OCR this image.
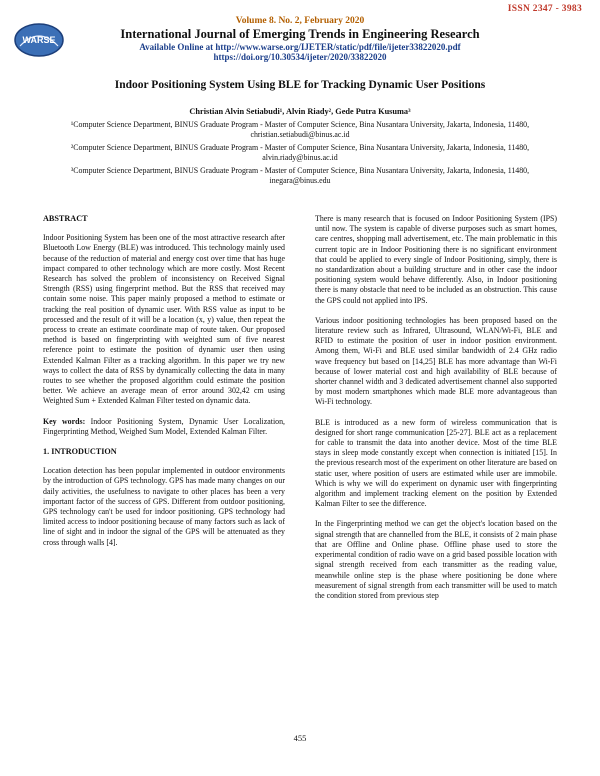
ISSN 2347 - 3983
WARSE
Volume 8. No. 2, February 2020
International Journal of Emerging Trends in Engineering Research
Available Online at http://www.warse.org/IJETER/static/pdf/file/ijeter33822020.pdf
https://doi.org/10.30534/ijeter/2020/33822020
Indoor Positioning System Using BLE for Tracking Dynamic User Positions
Christian Alvin Setiabudi¹, Alvin Riady², Gede Putra Kusuma³
¹Computer Science Department, BINUS Graduate Program - Master of Computer Science, Bina Nusantara University, Jakarta, Indonesia, 11480, christian.setiabudi@binus.ac.id
²Computer Science Department, BINUS Graduate Program - Master of Computer Science, Bina Nusantara University, Jakarta, Indonesia, 11480, alvin.riady@binus.ac.id
³Computer Science Department, BINUS Graduate Program - Master of Computer Science, Bina Nusantara University, Jakarta, Indonesia, 11480, inegara@binus.edu
ABSTRACT

Indoor Positioning System has been one of the most attractive research after Bluetooth Low Energy (BLE) was introduced. This technology mainly used because of the reduction of material and energy cost over time that has huge impact compared to other technology which are more costly. Most Recent Research has solved the problem of inconsistency on Received Signal Strength (RSS) using fingerprint method. But the RSS that received may contain some noise. This paper mainly proposed a method to estimate or tracking the real position of dynamic user. With RSS value as input to be processed and the result of it will be a location (x, y) value, then repeat the process to create an estimate coordinate map of route taken. Our proposed method is based on fingerprinting with weighted sum of five nearest reference point to estimate the position of dynamic user then using Extended Kalman Filter as a tracking algorithm. In this paper we try new ways to collect the data of RSS by dynamically collecting the data in many routes to see whether the proposed algorithm could estimate the position better. We achieve an average mean of error around 302,42 cm using Weighted Sum + Extended Kalman Filter tested on dynamic data.

Key words: Indoor Positioning System, Dynamic User Localization, Fingerprinting Method, Weighed Sum Model, Extended Kalman Filter.

1. INTRODUCTION

Location detection has been popular implemented in outdoor environments by the introduction of GPS technology. GPS has made many changes on our daily activities, the usefulness to navigate to other places has been a very important factor of the success of GPS. Different from outdoor positioning, GPS technology can't be used for indoor positioning. GPS technology had limited access to indoor positioning because of many factors such as lack of line of sight and in indoor the signal of the GPS will be attenuated as they cross through walls [4].

There is many research that is focused on Indoor Positioning System (IPS) until now. The system is capable of diverse purposes such as smart homes, care centres, shopping mall advertisement, etc. The main problematic in this current topic are in Indoor Positioning there is no significant environment that could be applied to every single of Indoor Positioning, simply, there is no standardization about a building structure and in other case the indoor positioning system would behave differently. Also, in Indoor positioning there is many obstacle that need to be included as an obstruction. This cause the GPS could not applied into IPS.

Various indoor positioning technologies has been proposed based on the literature review such as Infrared, Ultrasound, WLAN/Wi-Fi, BLE and RFID to estimate the position of user in indoor position environment. Among them, Wi-Fi and BLE used similar bandwidth of 2.4 GHz radio wave frequency but based on [14,25] BLE has more advantage than Wi-Fi because of lower material cost and high availability of BLE because of shorter channel width and 3 dedicated advertisement channel also supported by most modern smartphones which made BLE more advantageous than Wi-Fi technology.

BLE is introduced as a new form of wireless communication that is designed for short range communication [25-27]. BLE act as a replacement for cable to transmit the data into another device. Most of the time BLE stays in sleep mode constantly except when connection is initiated [15]. In the previous research most of the experiment on other literature are based on static user, where position of users are estimated while user are immobile. Which is why we will do experiment on dynamic user with fingerprinting algorithm and implement tracking element on the position by Extended Kalman Filter to see the difference.

In the Fingerprinting method we can get the object's location based on the signal strength that are channelled from the BLE, it consists of 2 main phase that are Offline and Online phase. Offline phase used to store the experimental condition of radio wave on a grid based possible location with signal strength received from each transmitter as the reading value, meanwhile online step is the phase where positioning be done where measurement of signal strength from each transmitter will be used to match the condition stored from previous step

455
